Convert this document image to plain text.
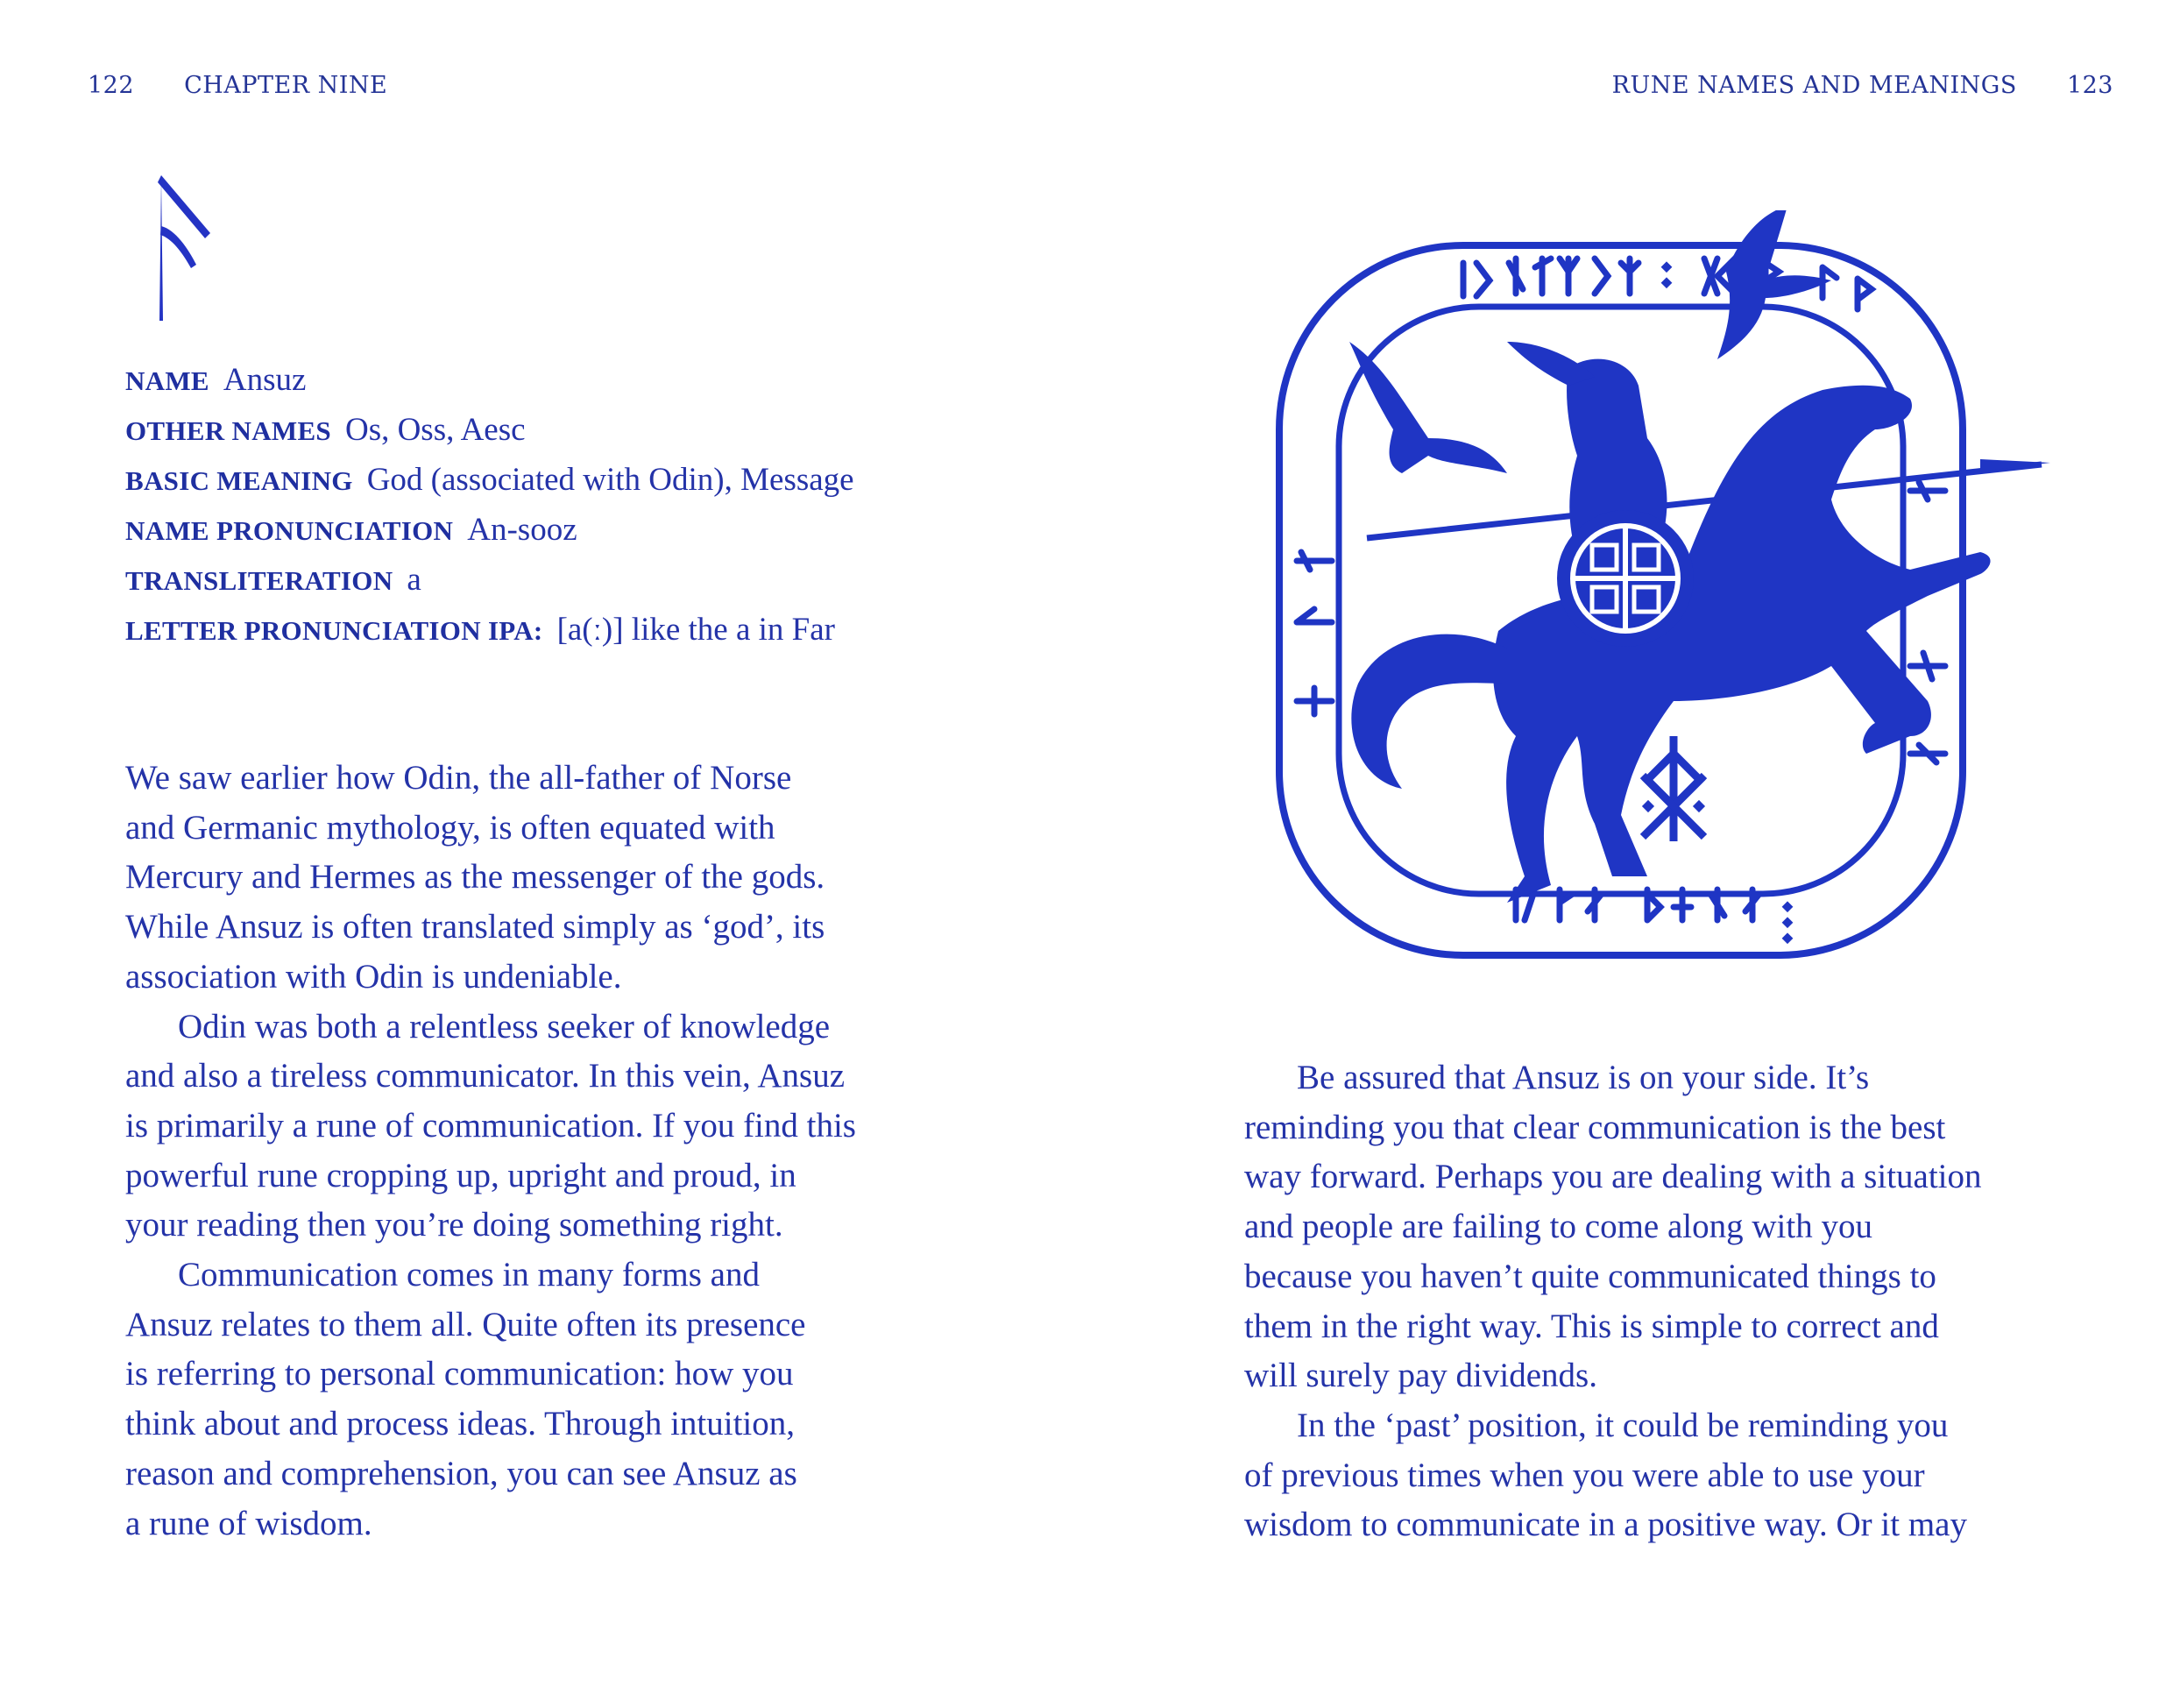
122 CHAPTER NINE
NAME Ansuz
OTHER NAMES Os, Oss, Aesc
BASIC MEANING God (associated with Odin), Message
NAME PRONUNCIATION An-sooz
TRANSLITERATION a
LETTER PRONUNCIATION IPA: [a(ː)] like the a in Far
We saw earlier how Odin, the all-father of Norse
and Germanic mythology, is often equated with
Mercury and Hermes as the messenger of the gods.
While Ansuz is often translated simply as ‘god’, its
association with Odin is undeniable.
Odin was both a relentless seeker of knowledge
and also a tireless communicator. In this vein, Ansuz
is primarily a rune of communication. If you find this
powerful rune cropping up, upright and proud, in
your reading then you’re doing something right.
Communication comes in many forms and
Ansuz relates to them all. Quite often its presence
is referring to personal communication: how you
think about and process ideas. Through intuition,
reason and comprehension, you can see Ansuz as
a rune of wisdom.
RUNE NAMES AND MEANINGS 123
Be assured that Ansuz is on your side. It’s
reminding you that clear communication is the best
way forward. Perhaps you are dealing with a situation
and people are failing to come along with you
because you haven’t quite communicated things to
them in the right way. This is simple to correct and
will surely pay dividends.
In the ‘past’ position, it could be reminding you
of previous times when you were able to use your
wisdom to communicate in a positive way. Or it may
